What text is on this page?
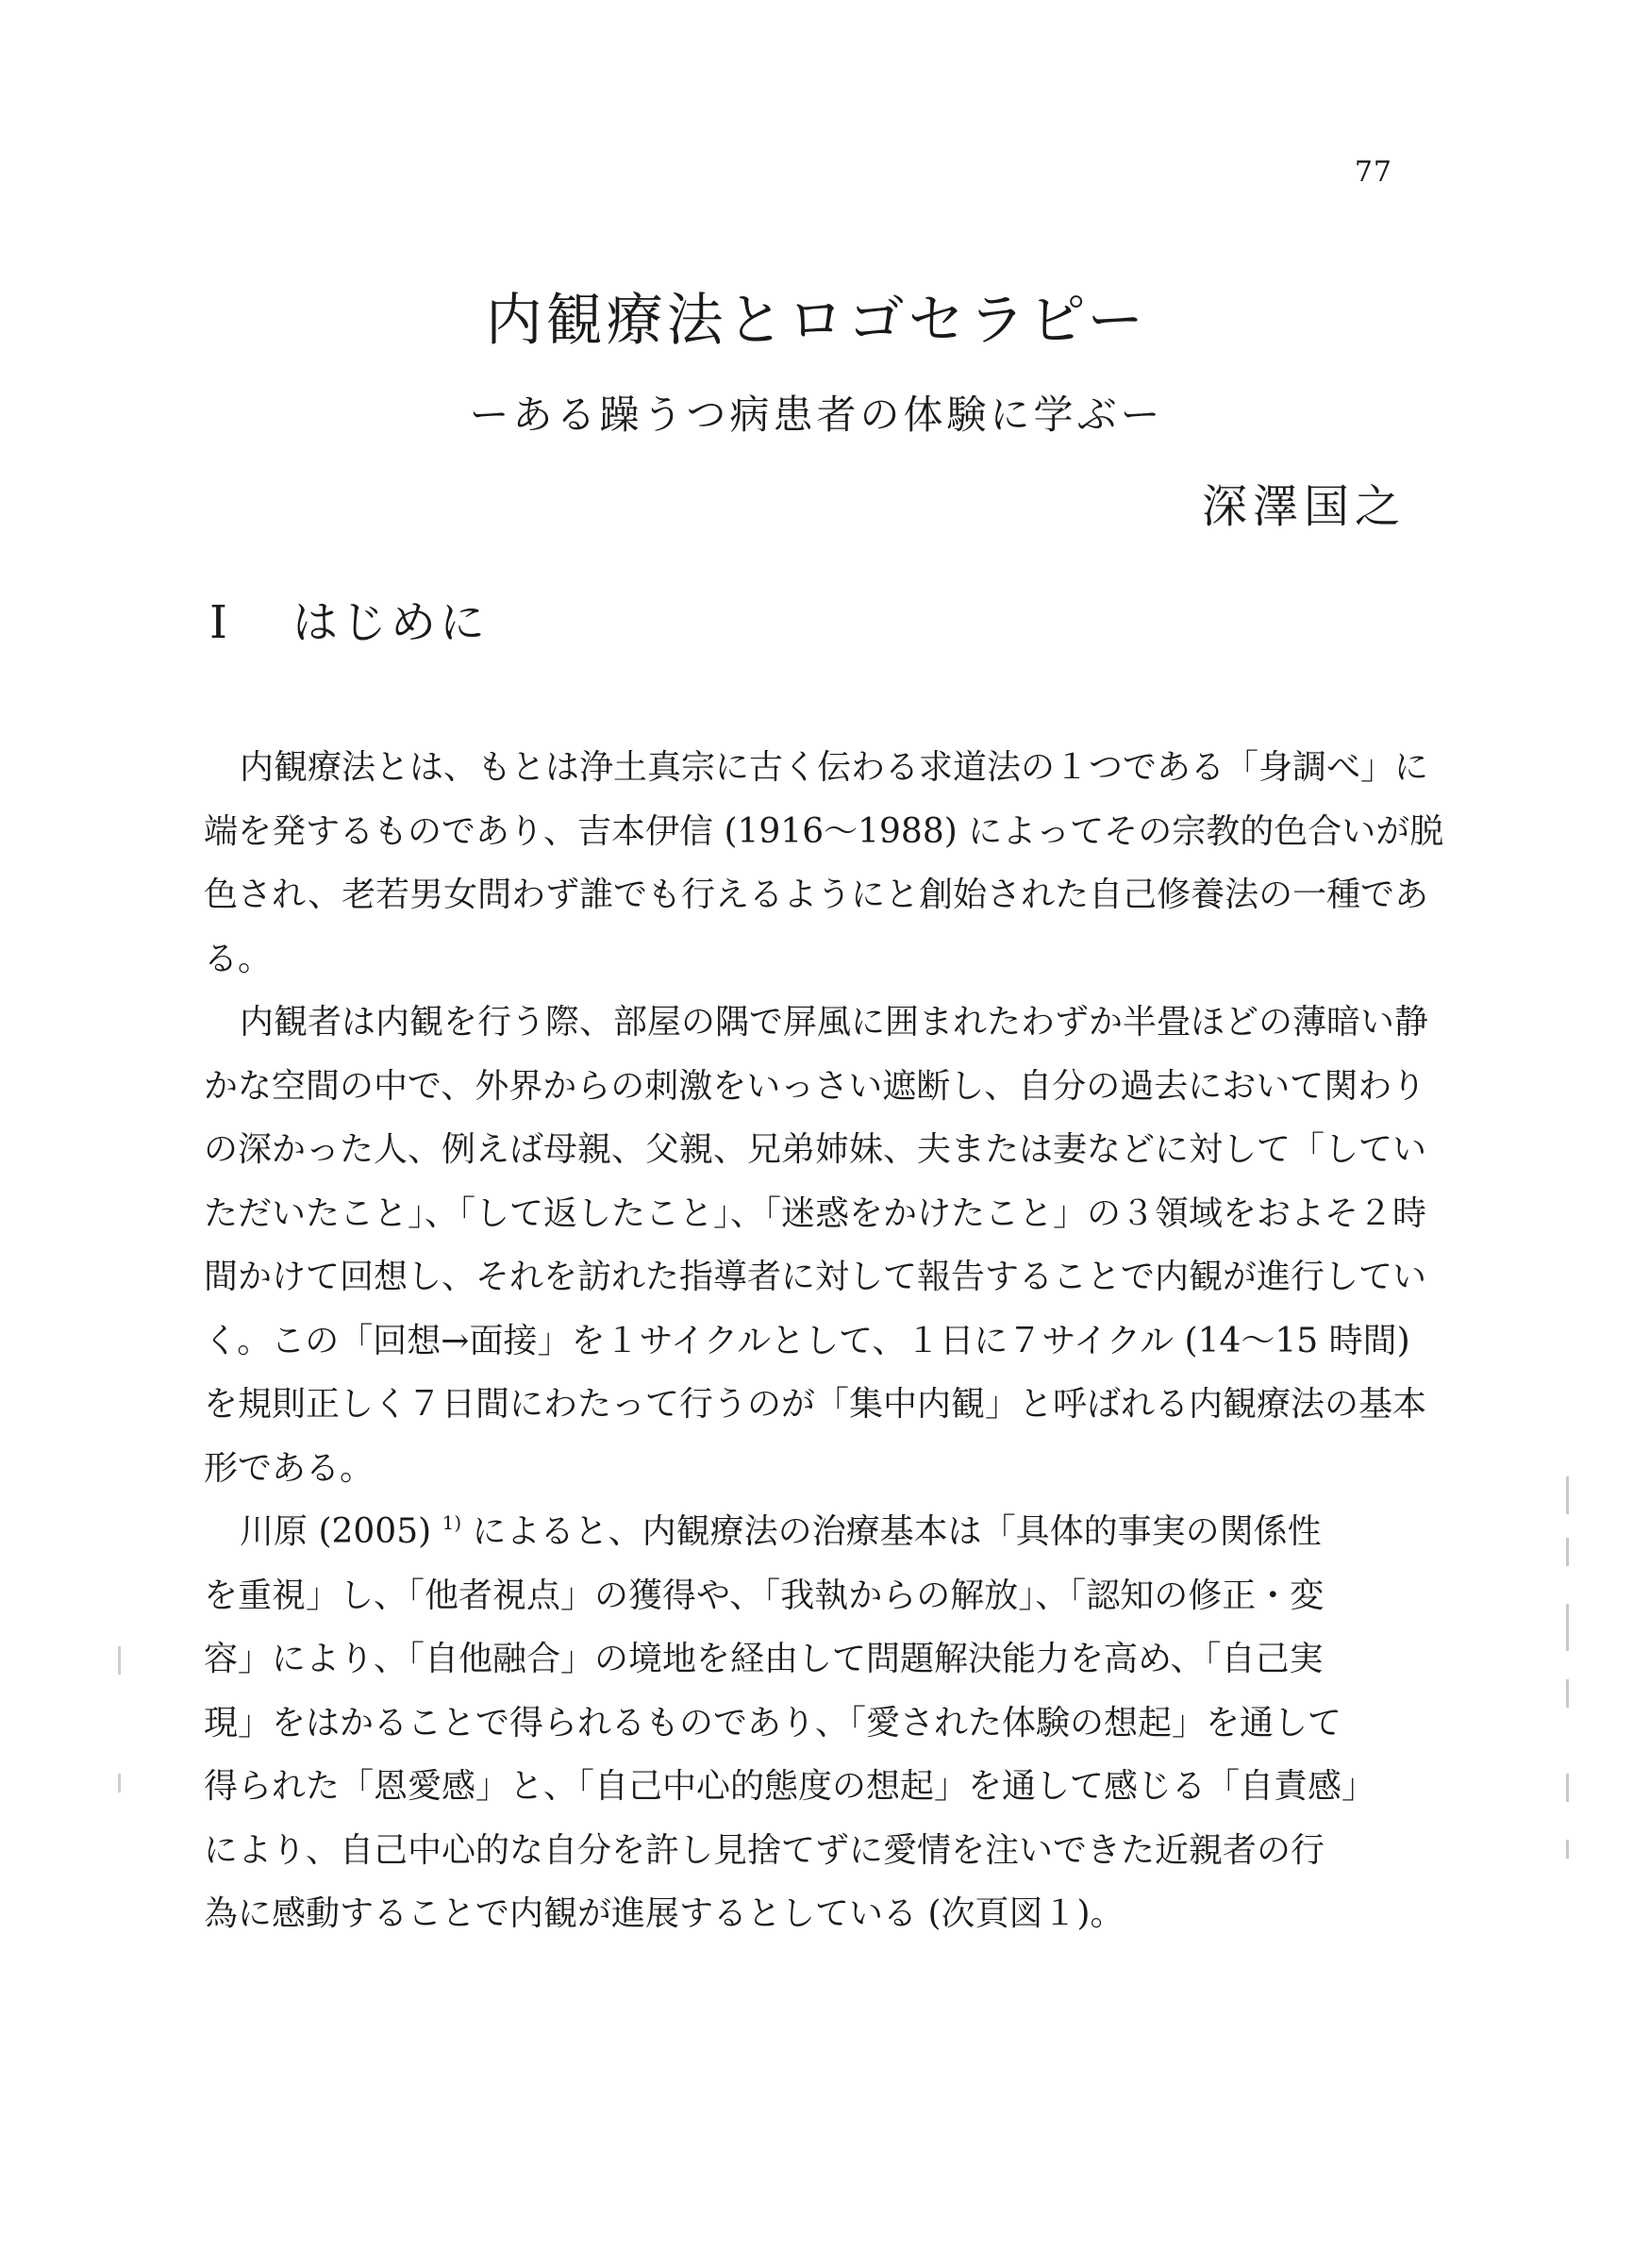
77
内観療法とロゴセラピー
ーある躁うつ病患者の体験に学ぶー
深澤国之
Ⅰ はじめに

内観療法とは、もとは浄土真宗に古く伝わる求道法の１つである「身調べ」に
端を発するものであり、吉本伊信 (1916〜1988) によってその宗教的色合いが脱
色され、老若男女問わず誰でも行えるようにと創始された自己修養法の一種であ
る。

内観者は内観を行う際、部屋の隅で屏風に囲まれたわずか半畳ほどの薄暗い静
かな空間の中で、外界からの刺激をいっさい遮断し、自分の過去において関わり
の深かった人、例えば母親、父親、兄弟姉妹、夫または妻などに対して「してい
ただいたこと」、「して返したこと」、「迷惑をかけたこと」の３領域をおよそ２時
間かけて回想し、それを訪れた指導者に対して報告することで内観が進行してい
く。この「回想→面接」を１サイクルとして、１日に７サイクル (14〜15 時間)
を規則正しく７日間にわたって行うのが「集中内観」と呼ばれる内観療法の基本
形である。

川原 (2005) $^{1)}$ によると、内観療法の治療基本は「具体的事実の関係性
を重視」し、「他者視点」の獲得や、「我執からの解放」、「認知の修正・変
容」により、「自他融合」の境地を経由して問題解決能力を高め、「自己実
現」をはかることで得られるものであり、「愛された体験の想起」を通して
得られた「恩愛感」と、「自己中心的態度の想起」を通して感じる「自責感」
により、自己中心的な自分を許し見捨てずに愛情を注いできた近親者の行
為に感動することで内観が進展するとしている (次頁図１)。
